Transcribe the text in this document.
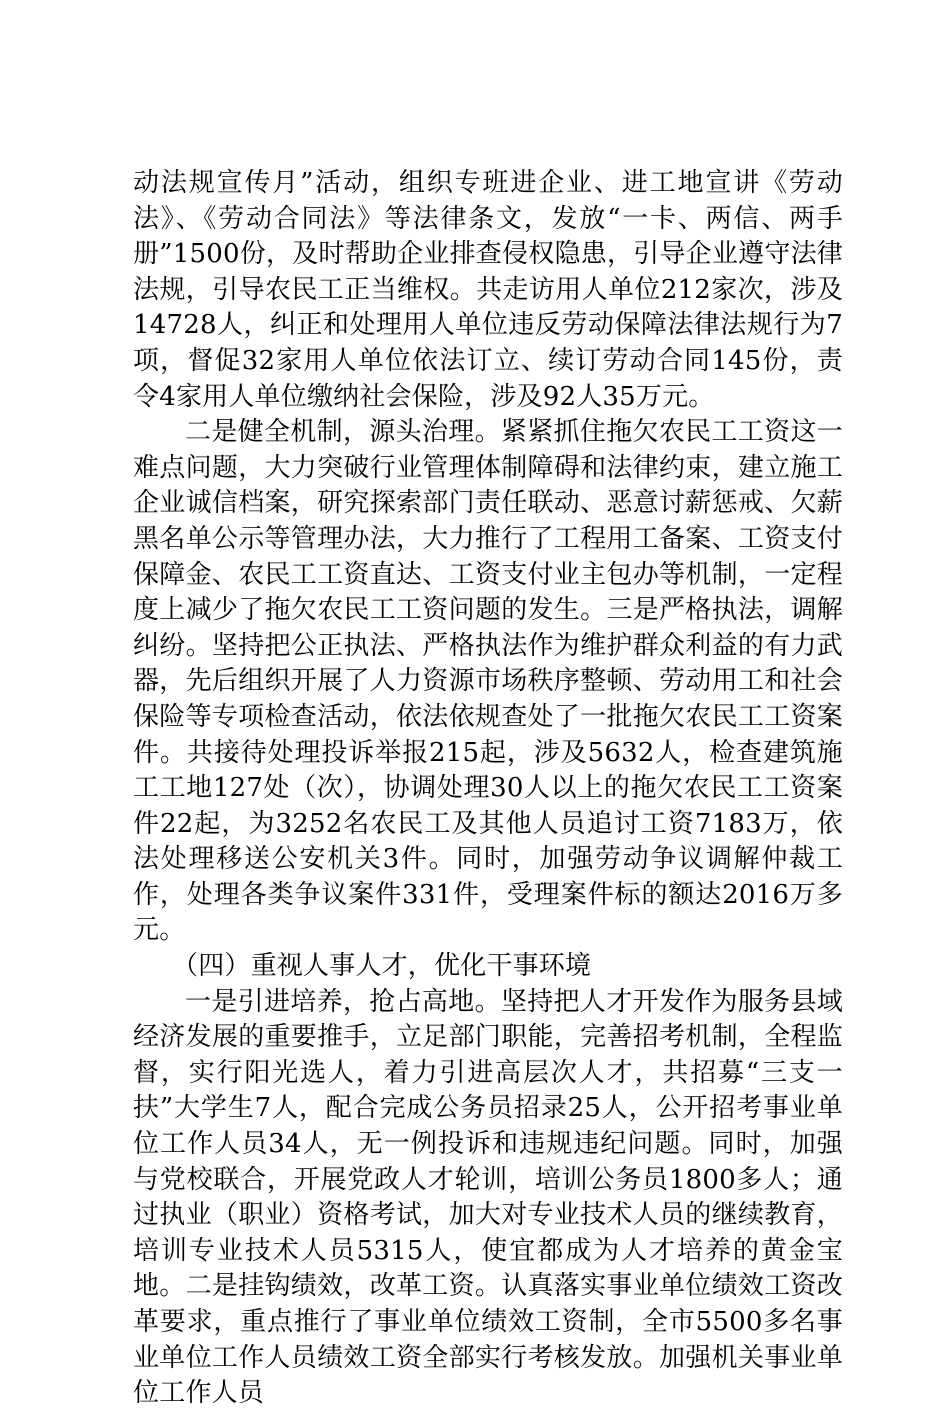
动法规宣传月”活动，组织专班进企业、进工地宣讲《劳动法》、《劳动合同法》等法律条文，发放“一卡、两信、两手册”1500份，及时帮助企业排查侵权隐患，引导企业遵守法律法规，引导农民工正当维权。共走访用人单位212家次，涉及14728人，纠正和处理用人单位违反劳动保障法律法规行为7项，督促32家用人单位依法订立、续订劳动合同145份，责令4家用人单位缴纳社会保险，涉及92人35万元。

二是健全机制，源头治理。紧紧抓住拖欠农民工工资这一难点问题，大力突破行业管理体制障碍和法律约束，建立施工企业诚信档案，研究探索部门责任联动、恶意讨薪惩戒、欠薪黑名单公示等管理办法，大力推行了工程用工备案、工资支付保障金、农民工工资直达、工资支付业主包办等机制，一定程度上减少了拖欠农民工工资问题的发生。三是严格执法，调解纠纷。坚持把公正执法、严格执法作为维护群众利益的有力武器，先后组织开展了人力资源市场秩序整顿、劳动用工和社会保险等专项检查活动，依法依规查处了一批拖欠农民工工资案件。共接待处理投诉举报215起，涉及5632人，检查建筑施工工地127处（次），协调处理30人以上的拖欠农民工工资案件22起，为3252名农民工及其他人员追讨工资7183万，依法处理移送公安机关3件。同时，加强劳动争议调解仲裁工作，处理各类争议案件331件，受理案件标的额达2016万多元。

（四）重视人事人才，优化干事环境

一是引进培养，抢占高地。坚持把人才开发作为服务县域经济发展的重要推手，立足部门职能，完善招考机制，全程监督，实行阳光选人，着力引进高层次人才，共招募“三支一扶”大学生7人，配合完成公务员招录25人，公开招考事业单位工作人员34人，无一例投诉和违规违纪问题。同时，加强与党校联合，开展党政人才轮训，培训公务员1800多人；通过执业（职业）资格考试，加大对专业技术人员的继续教育，培训专业技术人员5315人，使宜都成为人才培养的黄金宝地。二是挂钩绩效，改革工资。认真落实事业单位绩效工资改革要求，重点推行了事业单位绩效工资制，全市5500多名事业单位工作人员绩效工资全部实行考核发放。加强机关事业单位工作人员
